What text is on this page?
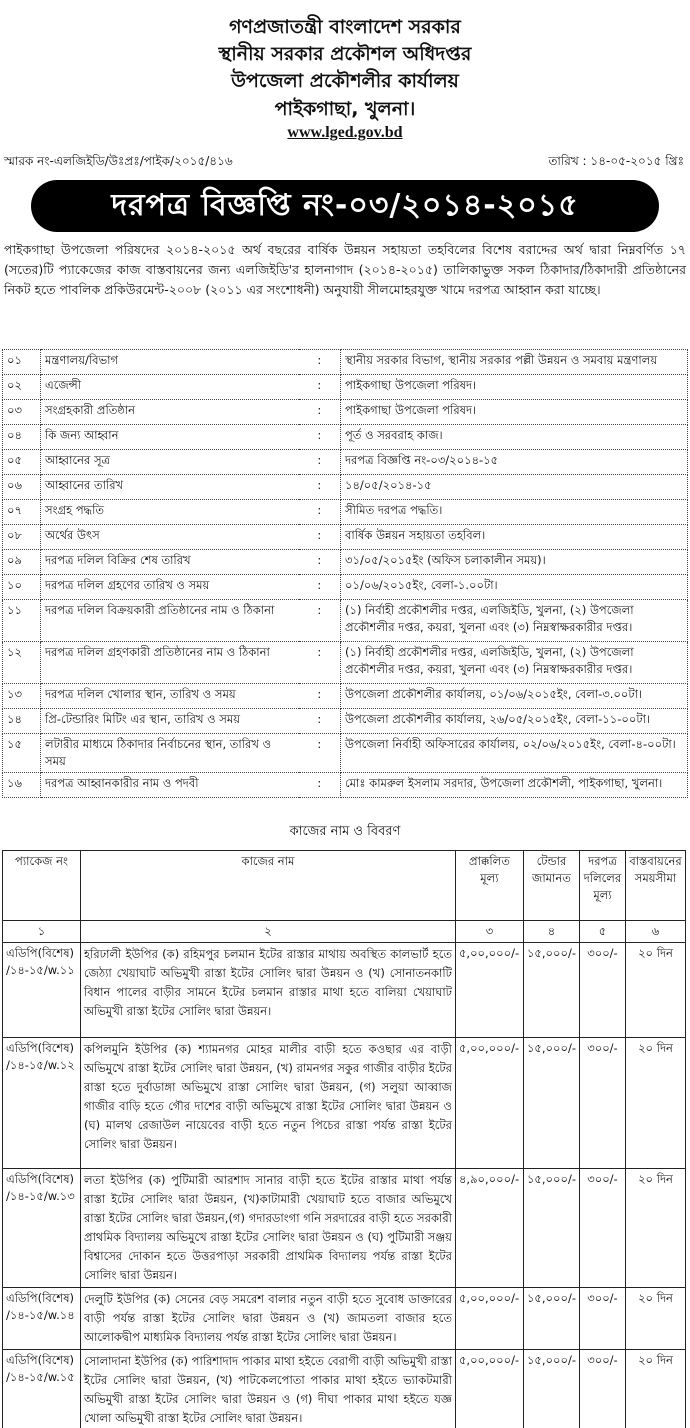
গণপ্রজাতন্ত্রী বাংলাদেশ সরকার
স্থানীয় সরকার প্রকৌশল অধিদপ্তর
উপজেলা প্রকৌশলীর কার্যালয়
পাইকগাছা, খুলনা।
www.lged.gov.bd
স্মারক নং-এলজিইডি/উঃপ্রঃ/পাইক/২০১৫/৪১৬	তারিখ : ১৪-০৫-২০১৫ খ্রিঃ
দরপত্র বিজ্ঞপ্তি নং-০৩/২০১৪-২০১৫
পাইকগাছা উপজেলা পরিষদের ২০১৪-২০১৫ অর্থ বছরের বার্ষিক উন্নয়ন সহায়তা তহবিলের বিশেষ বরাদ্দের অর্থ দ্বারা নিম্নবর্ণিত ১৭ (সতের)টি প্যাকেজের কাজ বাস্তবায়নের জন্য এলজিইডি'র হালনাগাদ (২০১৪-২০১৫) তালিকাভুক্ত সকল ঠিকাদার/ঠিকাদারী প্রতিষ্ঠানের নিকট হতে পাবলিক প্রকিউরমেন্ট-২০০৮ (২০১১ এর সংশোধনী) অনুযায়ী সীলমোহরযুক্ত খামে দরপত্র আহ্বান করা যাচ্ছে।
০১	মন্ত্রণালয়/বিভাগ	:	স্থানীয় সরকার বিভাগ, স্থানীয় সরকার পল্লী উন্নয়ন ও সমবায় মন্ত্রণালয়
০২	এজেন্সী	:	পাইকগাছা উপজেলা পরিষদ।
০৩	সংগ্রহকারী প্রতিষ্ঠান	:	পাইকগাছা উপজেলা পরিষদ।
০৪	কি জন্য আহ্বান	:	পূর্ত ও সরবরাহ কাজ।
০৫	আহ্বানের সূত্র	:	দরপত্র বিজ্ঞপ্তি নং-০৩/২০১৪-১৫
০৬	আহ্বানের তারিখ	:	১৪/০৫/২০১৪-১৫
০৭	সংগ্রহ পদ্ধতি	:	সীমিত দরপত্র পদ্ধতি।
০৮	অর্থের উৎস	:	বার্ষিক উন্নয়ন সহায়তা তহবিল।
০৯	দরপত্র দলিল বিক্রির শেষ তারিখ	:	৩১/০৫/২০১৫ইং (অফিস চলাকালীন সময়)।
১০	দরপত্র দলিল গ্রহণের তারিখ ও সময়	:	০১/০৬/২০১৫ইং, বেলা-১.০০টা।
১১	দরপত্র দলিল বিক্রয়কারী প্রতিষ্ঠানের নাম ও ঠিকানা	:	(১) নির্বাহী প্রকৌশলীর দপ্তর, এলজিইডি, খুলনা, (২) উপজেলা প্রকৌশলীর দপ্তর, কয়রা, খুলনা এবং (৩) নিম্নস্বাক্ষরকারীর দপ্তর।
১২	দরপত্র দলিল গ্রহণকারী প্রতিষ্ঠানের নাম ও ঠিকানা	:	(১) নির্বাহী প্রকৌশলীর দপ্তর, এলজিইডি, খুলনা, (২) উপজেলা প্রকৌশলীর দপ্তর, কয়রা, খুলনা এবং (৩) নিম্নস্বাক্ষরকারীর দপ্তর।
১৩	দরপত্র দলিল খোলার স্থান, তারিখ ও সময়	:	উপজেলা প্রকৌশলীর কার্যালয়, ০১/০৬/২০১৫ইং, বেলা-৩.০০টা।
১৪	প্রি-টেন্ডারিং মিটিং এর স্থান, তারিখ ও সময়	:	উপজেলা প্রকৌশলীর কার্যালয়, ২৬/০৫/২০১৫ইং, বেলা-১১-০০টা।
১৫	লটারীর মাধ্যমে ঠিকাদার নির্বাচনের স্থান, তারিখ ও সময়	:	উপজেলা নির্বাহী অফিসারের কার্যালয়, ০২/০৬/২০১৫ইং, বেলা-৪-০০টা।
১৬	দরপত্র আহ্বানকারীর নাম ও পদবী	:	মোঃ কামরুল ইসলাম সরদার, উপজেলা প্রকৌশলী, পাইকগাছা, খুলনা।
কাজের নাম ও বিবরণ
প্যাকেজ নং	কাজের নাম	প্রাক্কলিত মূল্য	টেন্ডার জামানত	দরপত্র দলিলের মূল্য	বাস্তবায়নের সময়সীমা
১	২	৩	৪	৫	৬
এডিপি(বিশেষ) /১৪-১৫/w.১১	হরিঢালী ইউপির (ক) রহিমপুর চলমান ইটের রাস্তার মাথায় অবস্থিত কালভার্ট হতে জেঠ্যা খেয়াঘাট অভিমুখী রাস্তা ইটের সোলিং দ্বারা উন্নয়ন ও (খ) সোনাতনকাটি বিধান পালের বাড়ীর সামনে ইটের চলমান রাস্তার মাথা হতে বালিয়া খেয়াঘাট অভিমুখী রাস্তা ইটের সোলিং দ্বারা উন্নয়ন।	৫,০০,০০০/-	১৫,০০০/-	৩০০/-	২০ দিন
এডিপি(বিশেষ) /১৪-১৫/w.১২	কপিলমুনি ইউপির (ক) শ্যামনগর মোহর মালীর বাড়ী হতে কওছার এর বাড়ী অভিমুখে রাস্তা ইটের সোলিং দ্বারা উন্নয়ন, (খ) রামনগর সকুর গাজীর বাড়ীর ইটের রাস্তা হতে দুর্বাডাঙ্গা অভিমুখে রাস্তা সোলিং দ্বারা উন্নয়ন, (গ) সলুয়া আব্বাজ গাজীর বাড়ি হতে গৌর দাশের বাড়ী অভিমুখে রাস্তা ইটের সোলিং দ্বারা উন্নয়ন ও (ঘ) মালথ রেজাউল নায়েবের বাড়ী হতে নতুন পিচের রাস্তা পর্যন্ত রাস্তা ইটের সোলিং দ্বারা উন্নয়ন।	৫,০০,০০০/-	১৫,০০০/-	৩০০/-	২০ দিন
এডিপি(বিশেষ) /১৪-১৫/w.১৩	লতা ইউপির (ক) পুটিমারী আরশাদ সানার বাড়ী হতে ইটের রাস্তার মাথা পর্যন্ত রাস্তা ইটের সোলিং দ্বারা উন্নয়ন, (খ)কাটামারী খেয়াঘাট হতে বাজার অভিমুখে রাস্তা ইটের সোলিং দ্বারা উন্নয়ন,(গ) গদারডাংগা গনি সরদারের বাড়ী হতে সরকারী প্রাথমিক বিদ্যালয় অভিমুখে রাস্তা ইটের সোলিং দ্বারা উন্নয়ন ও (ঘ) পুটিমারী সঞ্জয় বিশ্বাসের দোকান হতে উত্তরপাড়া সরকারী প্রাথমিক বিদ্যালয় পর্যন্ত রাস্তা ইটের সোলিং দ্বারা উন্নয়ন।	৪,৯০,০০০/-	১৫,০০০/-	৩০০/-	২০ দিন
এডিপি(বিশেষ) /১৪-১৫/w.১৪	দেলুটি ইউপির (ক) সেনের বেড় সমরেশ বালার নতুন বাড়ী হতে সুবোধ ডাক্তারের বাড়ী পর্যন্ত রাস্তা ইটের সোলিং দ্বারা উন্নয়ন ও (খ) জামতলা বাজার হতে আলোকদ্বীপ মাধ্যমিক বিদ্যালয় পর্যন্ত রাস্তা ইটের সোলিং দ্বারা উন্নয়ন।	৫,০০,০০০/-	১৫,০০০/-	৩০০/-	২০ দিন
এডিপি(বিশেষ) /১৪-১৫/w.১৫	সোলাদানা ইউপির (ক) পারিশাদাদ পাকার মাথা হইতে বেরাগী বাড়ী অভিমুখী রাস্তা ইটের সোলিং দ্বারা উন্নয়ন, (খ) পাটকেলপোতা পাকার মাথা হইতে ভ্যাকটমারী অভিমুখী রাস্তা ইটের সোলিং দ্বারা উন্নয়ন ও (গ) দীঘা পাকার মাথা হইতে যজ্ঞ খোলা অভিমুখী রাস্তা ইটের সোলিং দ্বারা উন্নয়ন।	৫,০০,০০০/-	১৫,০০০/-	৩০০/-	২০ দিন
